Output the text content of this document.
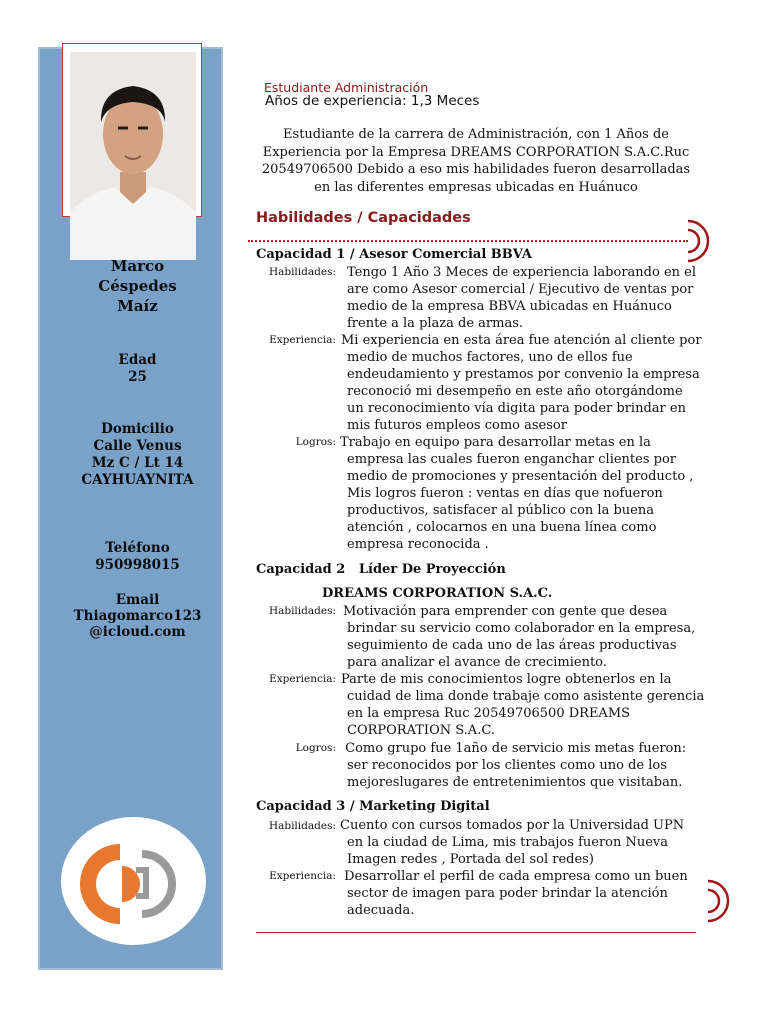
Marco
Céspedes
Maíz
Edad
25
Domicilio
Calle Venus
Mz C / Lt 14
CAYHUAYNITA
Teléfono
950998015
Email
Thiagomarco123
@icloud.com
Estudiante Administración
Años de experiencia: 1,3 Meces
Estudiante de la carrera de Administración, con 1 Años de
Experiencia por la Empresa DREAMS CORPORATION S.A.C.Ruc
20549706500 Debido a eso mis habilidades fueron desarrolladas
en las diferentes empresas ubicadas en Huánuco
Habilidades / Capacidades
Capacidad 1 / Asesor Comercial BBVA
Habilidades: Tengo 1 Año 3 Meces de experiencia laborando en el
are como Asesor comercial / Ejecutivo de ventas por
medio de la empresa BBVA ubicadas en Huánuco
frente a la plaza de armas.
Experiencia: Mi experiencia en esta área fue atención al cliente por
medio de muchos factores, uno de ellos fue
endeudamiento y prestamos por convenio la empresa
reconoció mi desempeño en este año otorgándome
un reconocimiento vía digita para poder brindar en
mis futuros empleos como asesor
Logros: Trabajo en equipo para desarrollar metas en la
empresa las cuales fueron enganchar clientes por
medio de promociones y presentación del producto ,
Mis logros fueron : ventas en días que nofueron
productivos, satisfacer al público con la buena
atención , colocarnos en una buena línea como
empresa reconocida .
Capacidad 2   Líder De Proyección
DREAMS CORPORATION S.A.C.
Habilidades: Motivación para emprender con gente que desea
brindar su servicio como colaborador en la empresa,
seguimiento de cada uno de las áreas productivas
para analizar el avance de crecimiento.
Experiencia: Parte de mis conocimientos logre obtenerlos en la
cuidad de lima donde trabaje como asistente gerencia
en la empresa Ruc 20549706500 DREAMS
CORPORATION S.A.C.
Logros: Como grupo fue 1año de servicio mis metas fueron:
ser reconocidos por los clientes como uno de los
mejoreslugares de entretenimientos que visitaban.
Capacidad 3 / Marketing Digital
Habilidades: Cuento con cursos tomados por la Universidad UPN
en la ciudad de Lima, mis trabajos fueron Nueva
Imagen redes , Portada del sol redes)
Experiencia: Desarrollar el perfil de cada empresa como un buen
sector de imagen para poder brindar la atención
adecuada.
